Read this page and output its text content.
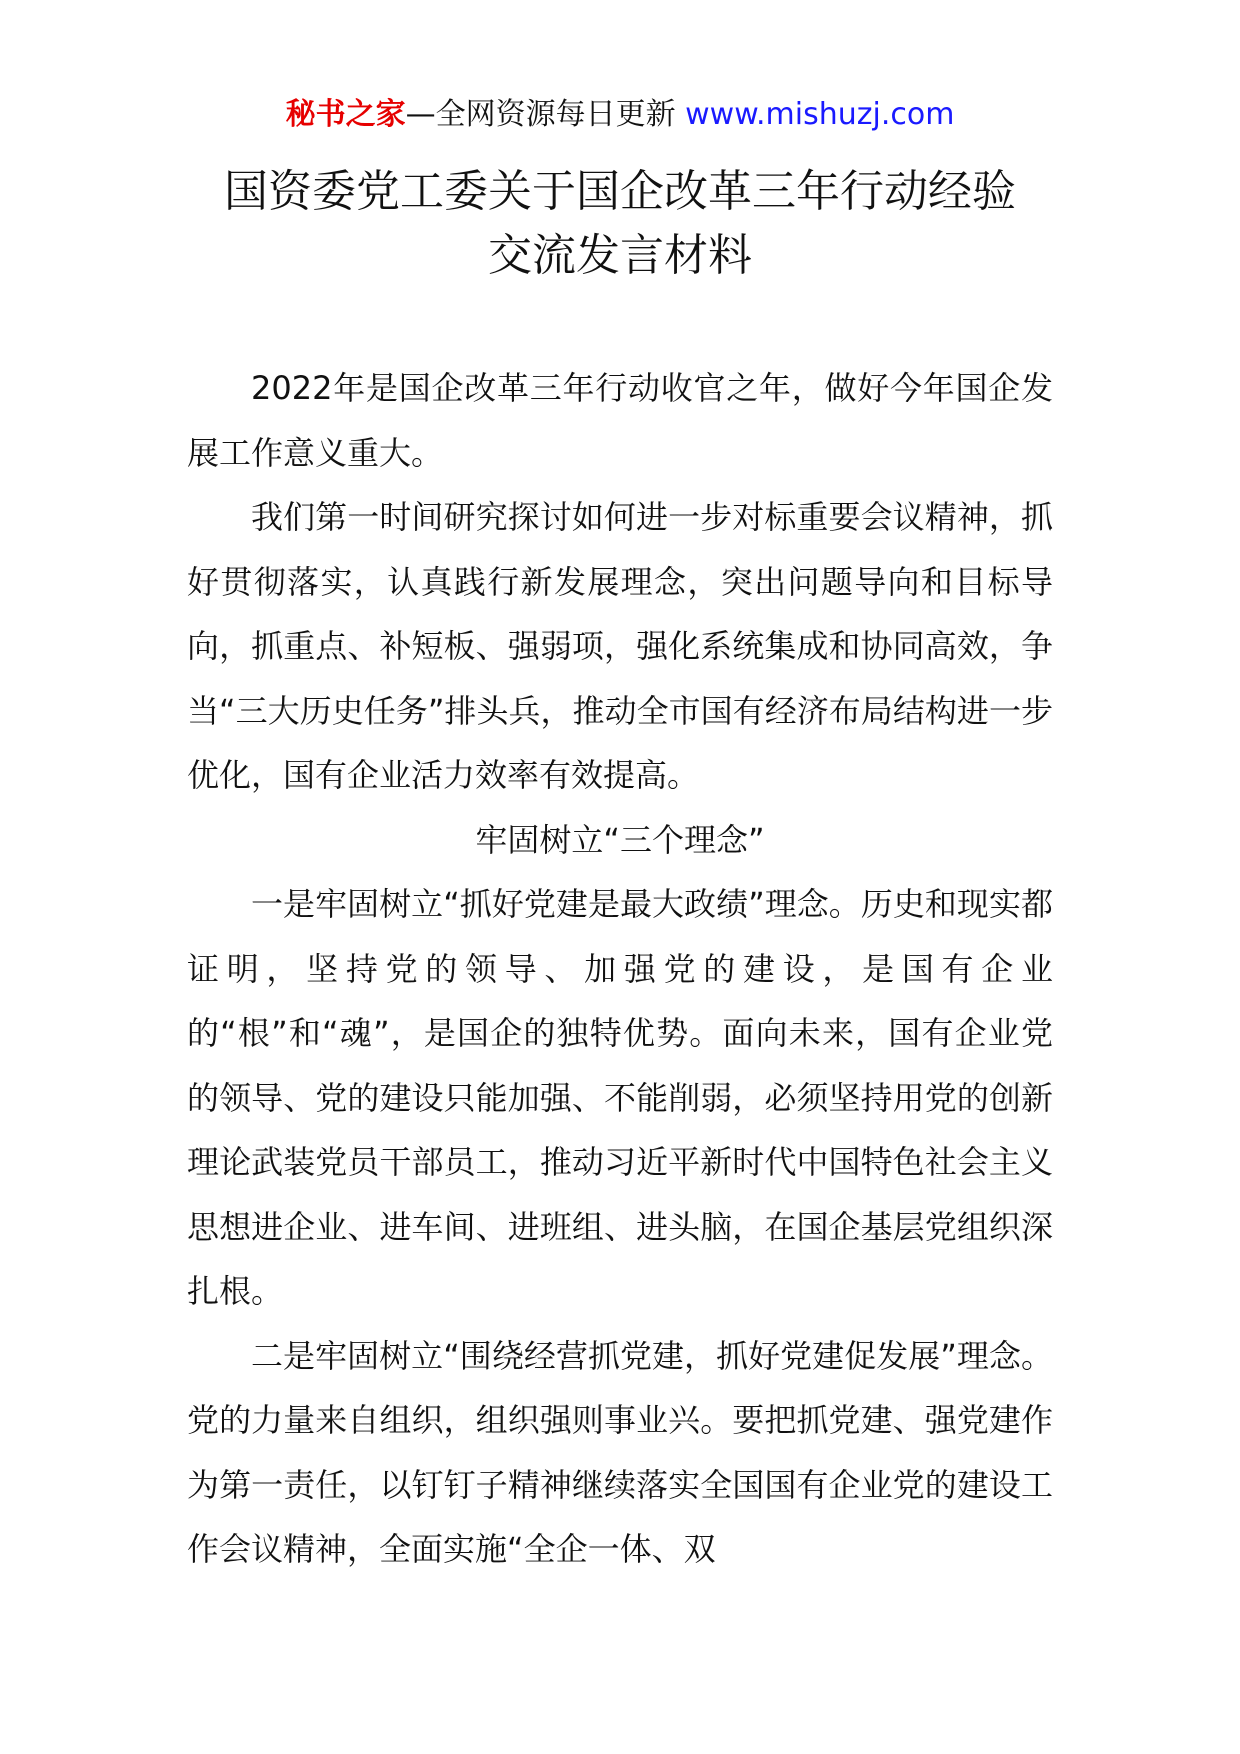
秘书之家—全网资源每日更新 www.mishuzj.com
国资委党工委关于国企改革三年行动经验
交流发言材料

2022年是国企改革三年行动收官之年，做好今年国企发展工作意义重大。

我们第一时间研究探讨如何进一步对标重要会议精神，抓好贯彻落实，认真践行新发展理念，突出问题导向和目标导向，抓重点、补短板、强弱项，强化系统集成和协同高效，争当“三大历史任务”排头兵，推动全市国有经济布局结构进一步优化，国有企业活力效率有效提高。

牢固树立“三个理念”

一是牢固树立“抓好党建是最大政绩”理念。历史和现实都证明，坚持党的领导、加强党的建设，是国有企业的“根”和“魂”，是国企的独特优势。面向未来，国有企业党的领导、党的建设只能加强、不能削弱，必须坚持用党的创新理论武装党员干部员工，推动习近平新时代中国特色社会主义思想进企业、进车间、进班组、进头脑，在国企基层党组织深扎根。

二是牢固树立“围绕经营抓党建，抓好党建促发展”理念。党的力量来自组织，组织强则事业兴。要把抓党建、强党建作为第一责任，以钉钉子精神继续落实全国国有企业党的建设工作会议精神，全面实施“全企一体、双
